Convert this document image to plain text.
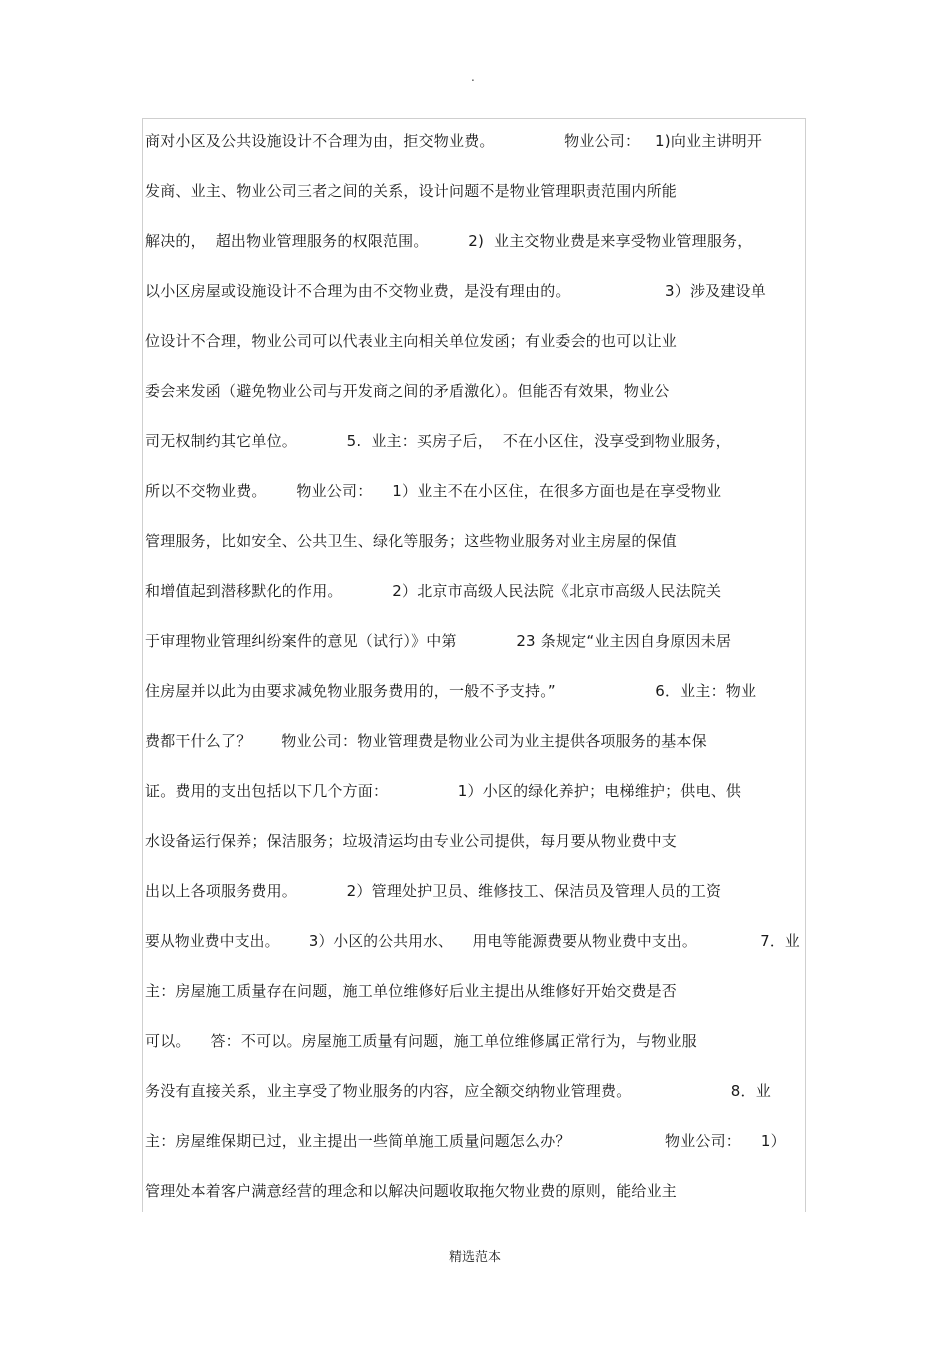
.
商对小区及公共设施设计不合理为由，拒交物业费。              物业公司：   1)向业主讲明开
发商、业主、物业公司三者之间的关系，设计问题不是物业管理职责范围内所能
解决的，  超出物业管理服务的权限范围。        2)  业主交物业费是来享受物业管理服务，
以小区房屋或设施设计不合理为由不交物业费，是没有理由的。                   3）涉及建设单
位设计不合理，物业公司可以代表业主向相关单位发函；有业委会的也可以让业
委会来发函（避免物业公司与开发商之间的矛盾激化）。但能否有效果，物业公
司无权制约其它单位。          5.  业主：买房子后，  不在小区住，没享受到物业服务，
所以不交物业费。      物业公司：    1）业主不在小区住，在很多方面也是在享受物业
管理服务，比如安全、公共卫生、绿化等服务；这些物业服务对业主房屋的保值
和增值起到潜移默化的作用。          2）北京市高级人民法院《北京市高级人民法院关
于审理物业管理纠纷案件的意见（试行）》中第            23 条规定“业主因自身原因未居
住房屋并以此为由要求减免物业服务费用的，一般不予支持。”                    6．业主：物业
费都干什么了？      物业公司：物业管理费是物业公司为业主提供各项服务的基本保
证。费用的支出包括以下几个方面：              1）小区的绿化养护；电梯维护；供电、供
水设备运行保养；保洁服务；垃圾清运均由专业公司提供，每月要从物业费中支
出以上各项服务费用。          2）管理处护卫员、维修技工、保洁员及管理人员的工资
要从物业费中支出。      3）小区的公共用水、    用电等能源费要从物业费中支出。             7．业
主：房屋施工质量存在问题，施工单位维修好后业主提出从维修好开始交费是否
可以。    答：不可以。房屋施工质量有问题，施工单位维修属正常行为，与物业服
务没有直接关系，业主享受了物业服务的内容，应全额交纳物业管理费。                    8．业
主：房屋维保期已过，业主提出一些简单施工质量问题怎么办？                   物业公司：    1）
管理处本着客户满意经营的理念和以解决问题收取拖欠物业费的原则，能给业主
精选范本
